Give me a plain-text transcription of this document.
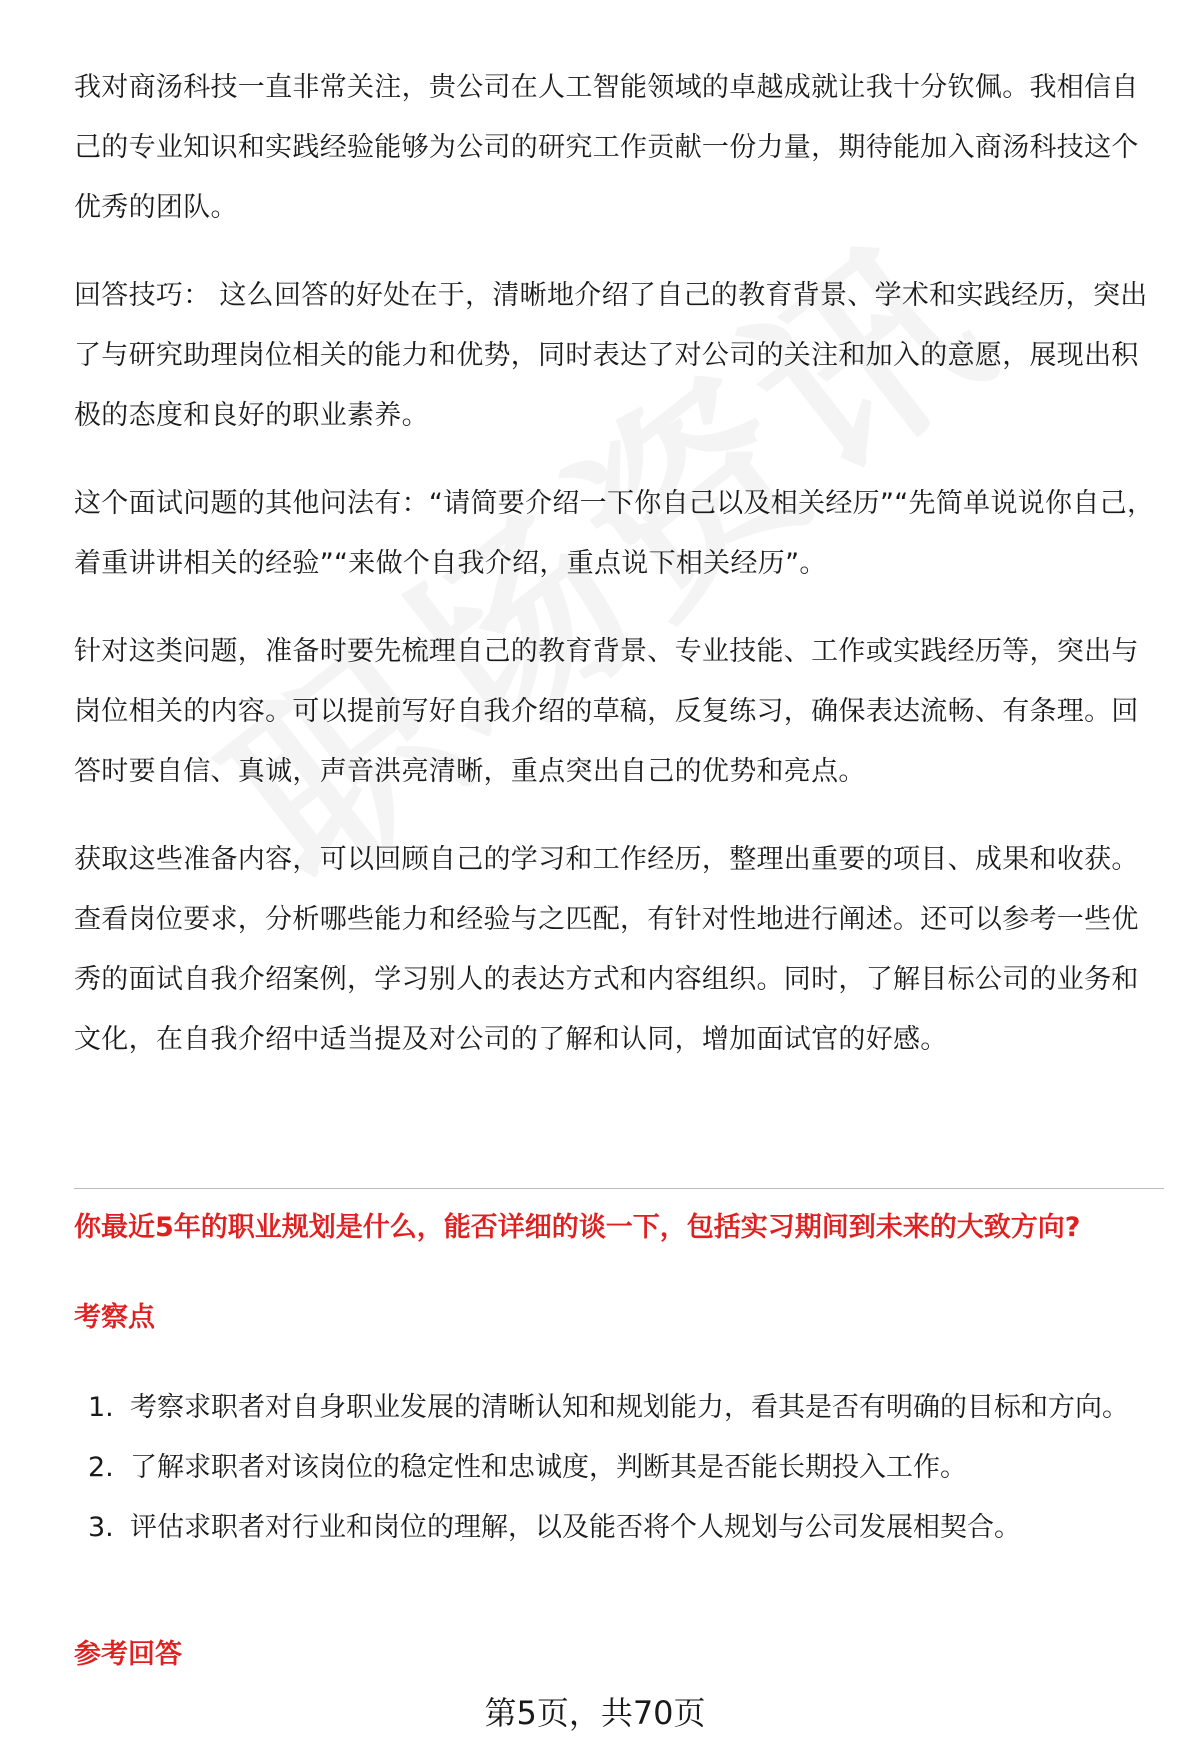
我对商汤科技一直非常关注，贵公司在人工智能领域的卓越成就让我十分钦佩。我相信自己的专业知识和实践经验能够为公司的研究工作贡献一份力量，期待能加入商汤科技这个优秀的团队。

回答技巧： 这么回答的好处在于，清晰地介绍了自己的教育背景、学术和实践经历，突出了与研究助理岗位相关的能力和优势，同时表达了对公司的关注和加入的意愿，展现出积极的态度和良好的职业素养。

这个面试问题的其他问法有：“请简要介绍一下你自己以及相关经历”“先简单说说你自己，着重讲讲相关的经验”“来做个自我介绍，重点说下相关经历”。

针对这类问题，准备时要先梳理自己的教育背景、专业技能、工作或实践经历等，突出与岗位相关的内容。可以提前写好自我介绍的草稿，反复练习，确保表达流畅、有条理。回答时要自信、真诚，声音洪亮清晰，重点突出自己的优势和亮点。

获取这些准备内容，可以回顾自己的学习和工作经历，整理出重要的项目、成果和收获。查看岗位要求，分析哪些能力和经验与之匹配，有针对性地进行阐述。还可以参考一些优秀的面试自我介绍案例，学习别人的表达方式和内容组织。同时，了解目标公司的业务和文化，在自我介绍中适当提及对公司的了解和认同，增加面试官的好感。

你最近5年的职业规划是什么，能否详细的谈一下，包括实习期间到未来的大致方向?
考察点
1. 考察求职者对自身职业发展的清晰认知和规划能力，看其是否有明确的目标和方向。
2. 了解求职者对该岗位的稳定性和忠诚度，判断其是否能长期投入工作。
3. 评估求职者对行业和岗位的理解，以及能否将个人规划与公司发展相契合。
参考回答
第5页，共70页
